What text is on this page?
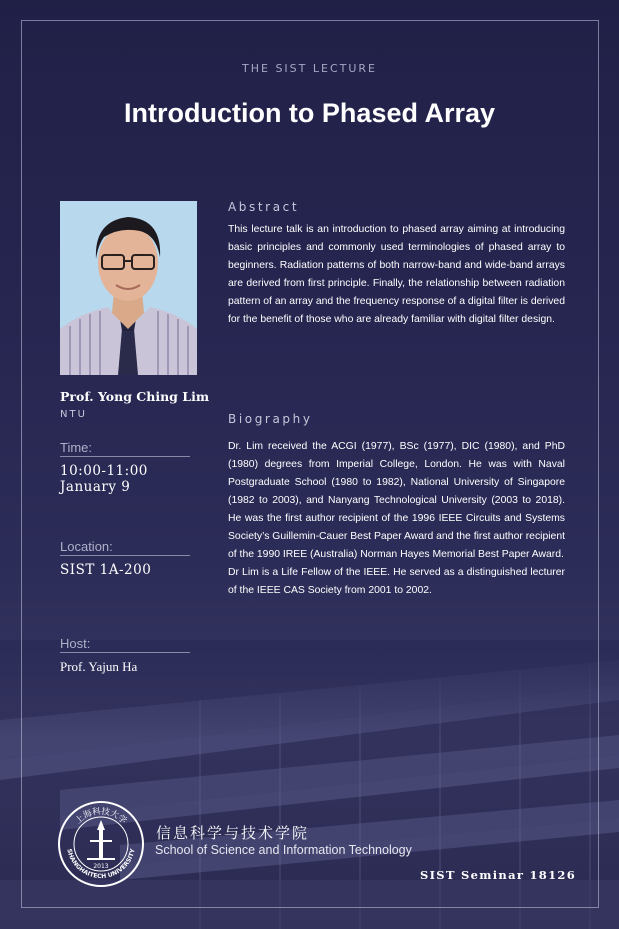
THE SIST LECTURE
Introduction to Phased Array
Prof. Yong Ching Lim
NTU
Time:
10:00-11:00
January 9
Location:
SIST 1A-200
Host:
Prof. Yajun Ha
Abstract

This lecture talk is an introduction to phased array aiming at introducing basic principles and commonly used terminologies of phased array to beginners. Radiation patterns of both narrow-band and wide-band arrays are derived from first principle. Finally, the relationship between radiation pattern of an array and the frequency response of a digital filter is derived for the benefit of those who are already familiar with digital filter design.

Biography

Dr. Lim received the ACGI (1977), BSc (1977), DIC (1980), and PhD (1980) degrees from Imperial College, London. He was with Naval Postgraduate School (1980 to 1982), National University of Singapore (1982 to 2003), and Nanyang Technological University (2003 to 2018). He was the first author recipient of the 1996 IEEE Circuits and Systems Society’s Guillemin-Cauer Best Paper Award and the first author recipient of the 1990 IREE (Australia) Norman Hayes Memorial Best Paper Award.

Dr Lim is a Life Fellow of the IEEE. He served as a distinguished lecturer of the IEEE CAS Society from 2001 to 2002.

上海科技大学
SHANGHAITECH UNIVERSITY
2013
信息科学与技术学院
School of Science and Information Technology
SIST Seminar 18126
